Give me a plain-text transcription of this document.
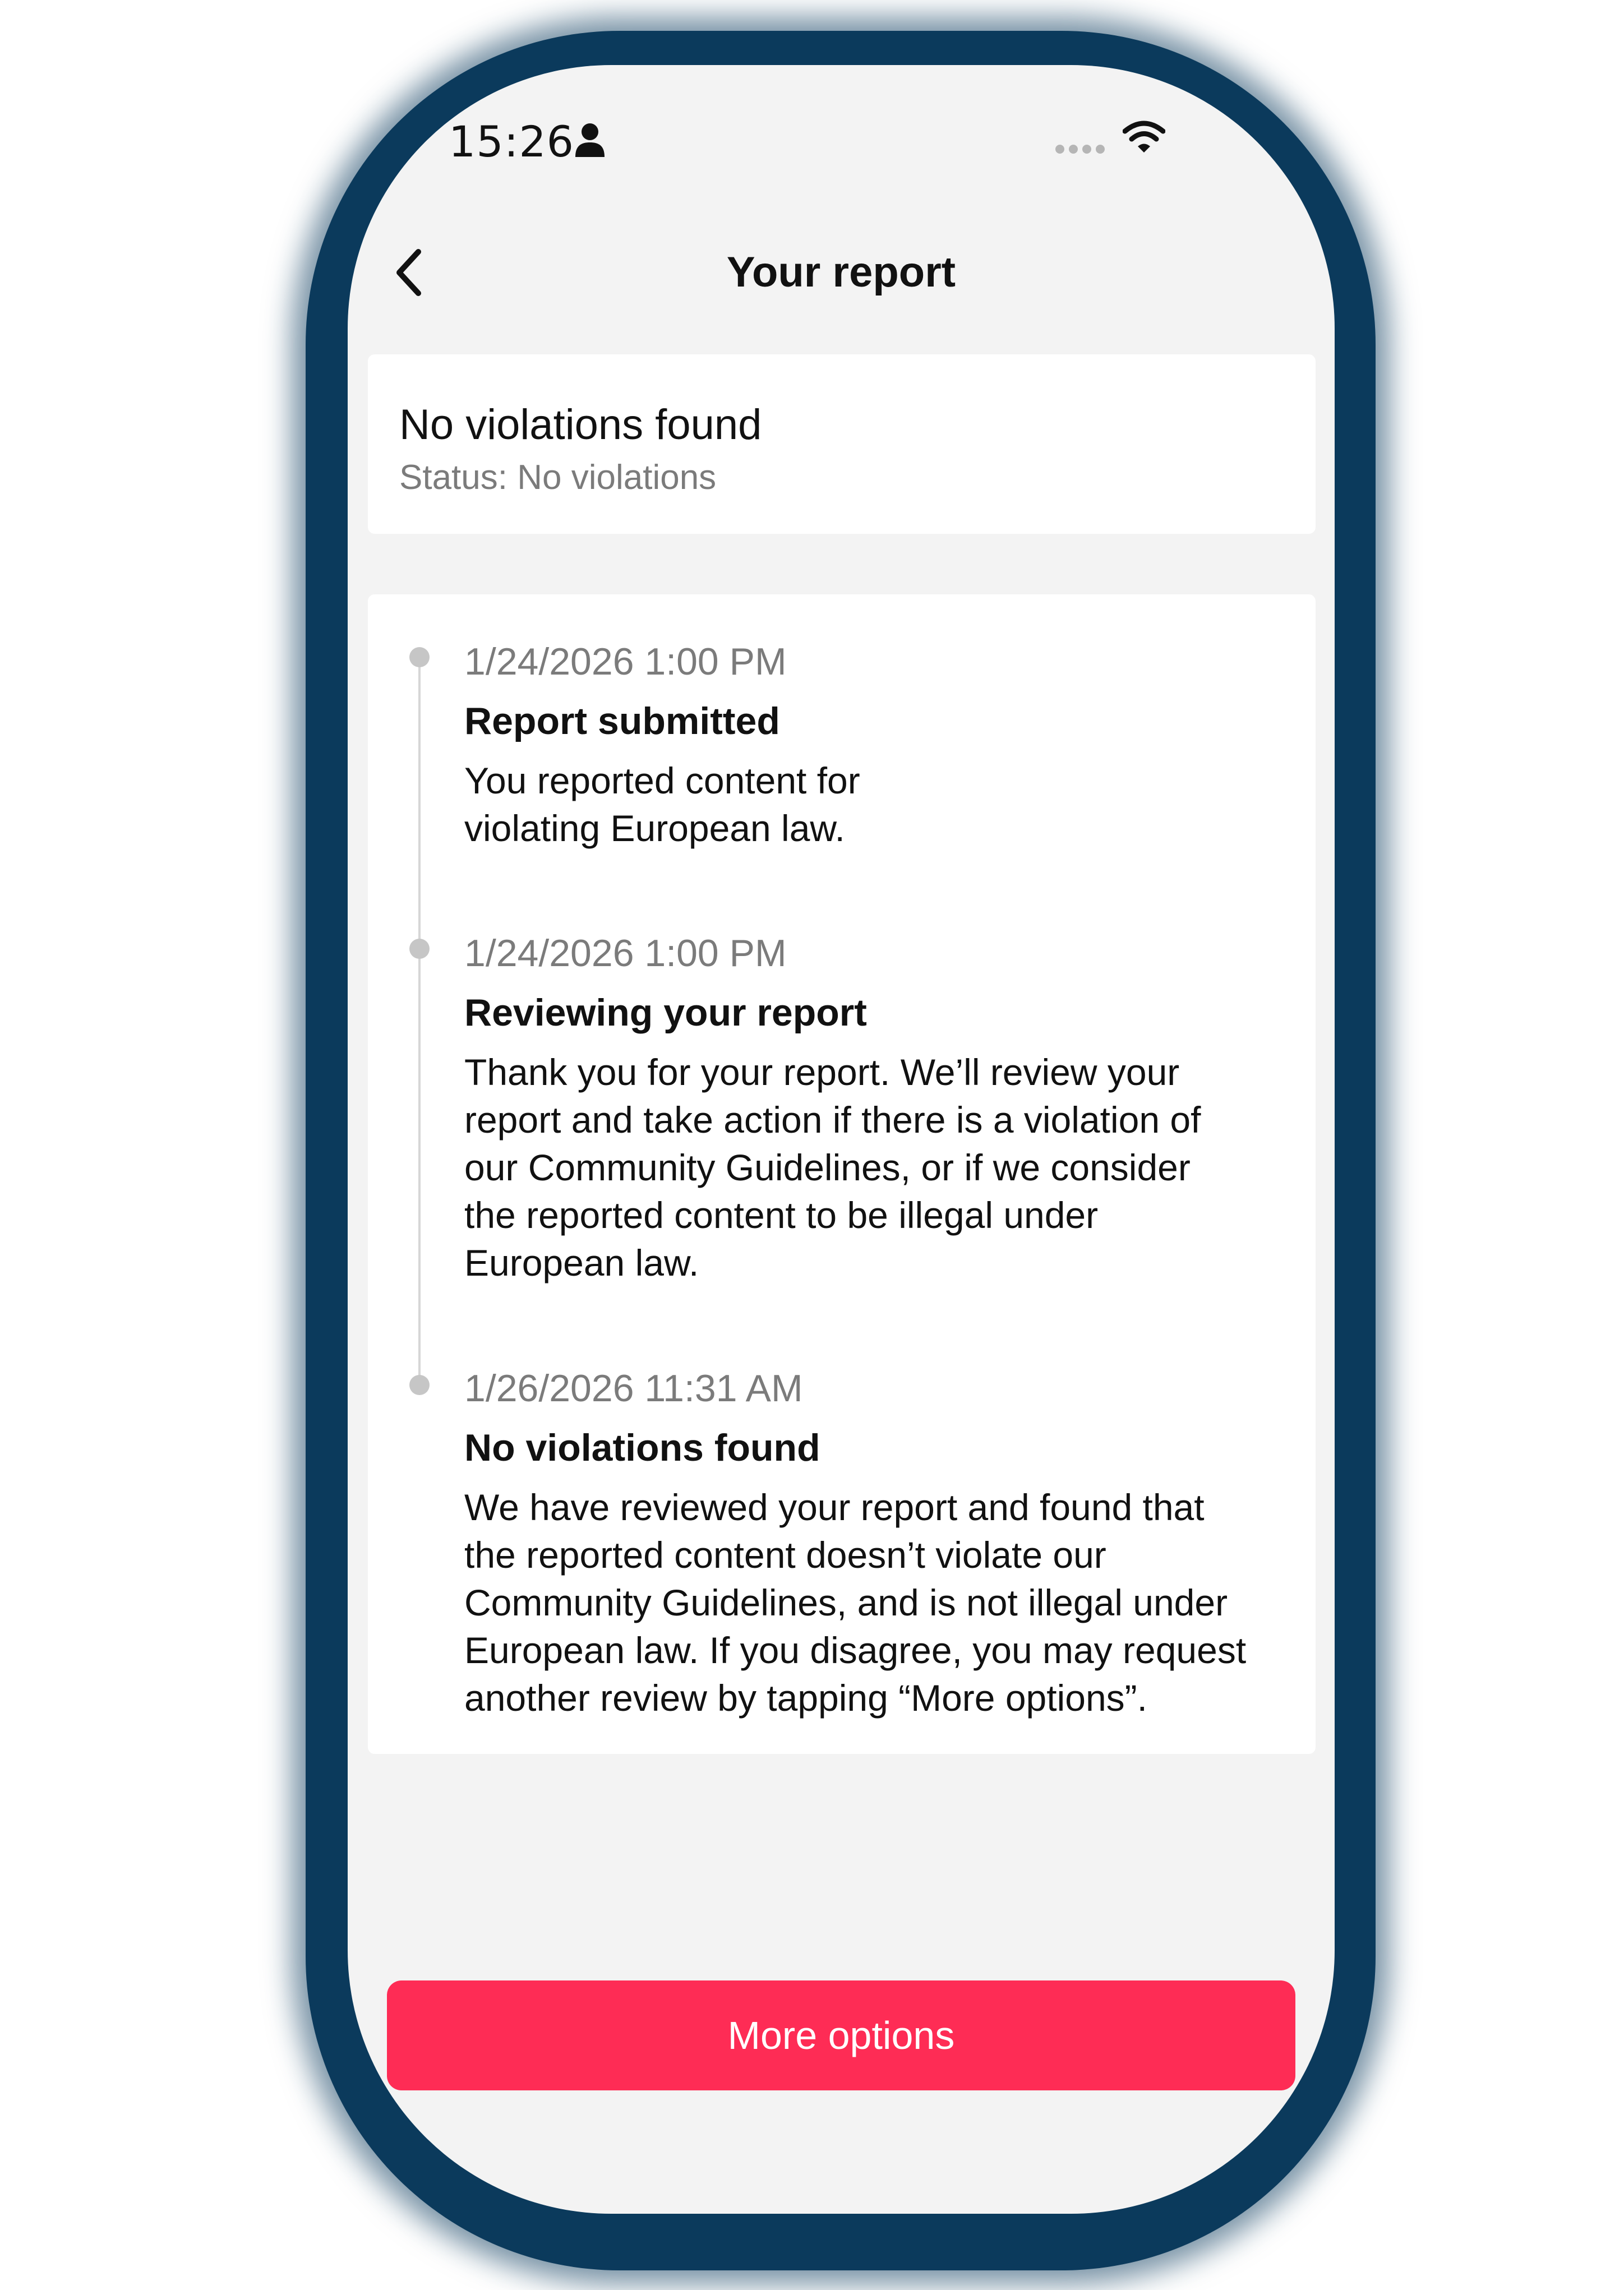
15:26
Your report
No violations found
Status: No violations
1/24/2026 1:00 PM
Report submitted
You reported content for
violating European law.
1/24/2026 1:00 PM
Reviewing your report
Thank you for your report. We’ll review your
report and take action if there is a violation of
our Community Guidelines, or if we consider
the reported content to be illegal under
European law.
1/26/2026 11:31 AM
No violations found
We have reviewed your report and found that
the reported content doesn’t violate our
Community Guidelines, and is not illegal under
European law. If you disagree, you may request
another review by tapping “More options”.
More options
